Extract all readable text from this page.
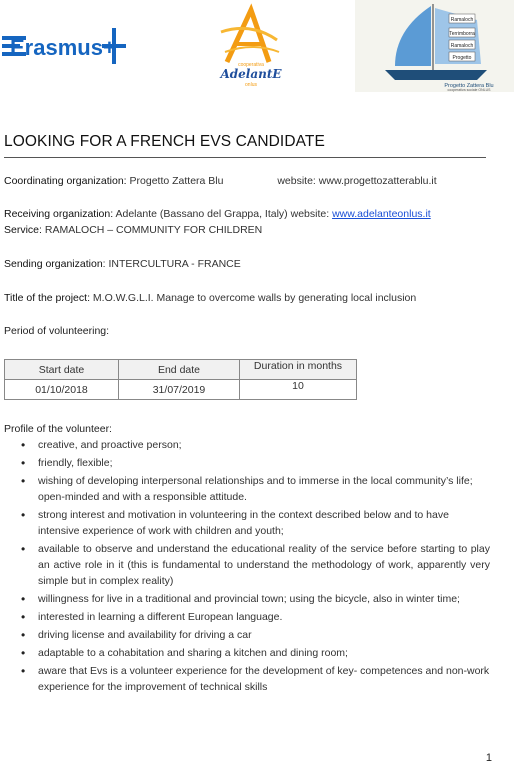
Erasmus+
cooperativa
AdelantE
onlus
Ramaloch
Terrimborra
Ramaloch
Progetto
Progetto Zattera Blu
cooperativa sociale ONLUS
LOOKING FOR A FRENCH EVS CANDIDATE
Coordinating organization: Progetto Zattera Blu	website: www.progettozatterablu.it
Receiving organization: Adelante (Bassano del Grappa, Italy) website: www.adelanteonlus.it
Service: RAMALOCH – COMMUNITY FOR CHILDREN
Sending organization: INTERCULTURA - FRANCE
Title of the project: M.O.W.G.L.I. Manage to overcome walls by generating local inclusion
Period of volunteering:
Start date	End date	Duration in months
01/10/2018	31/07/2019	10
Profile of the volunteer:
• creative, and proactive person;
• friendly, flexible;
• wishing of developing interpersonal relationships and to immerse in the local community’s life; open-minded and with a responsible attitude.
• strong interest and motivation in volunteering in the context described below and to have intensive experience of work with children and youth;
• available to observe and understand the educational reality of the service before starting to play an active role in it (this is fundamental to understand the methodology of work, apparently very simple but in complex reality)
• willingness for live in a traditional and provincial town; using the bicycle, also in winter time;
• interested in learning a different European language.
• driving license and availability for driving a car
• adaptable to a cohabitation and sharing a kitchen and dining room;
• aware that Evs is a volunteer experience for the development of key- competences and non-work experience for the improvement of technical skills
1
